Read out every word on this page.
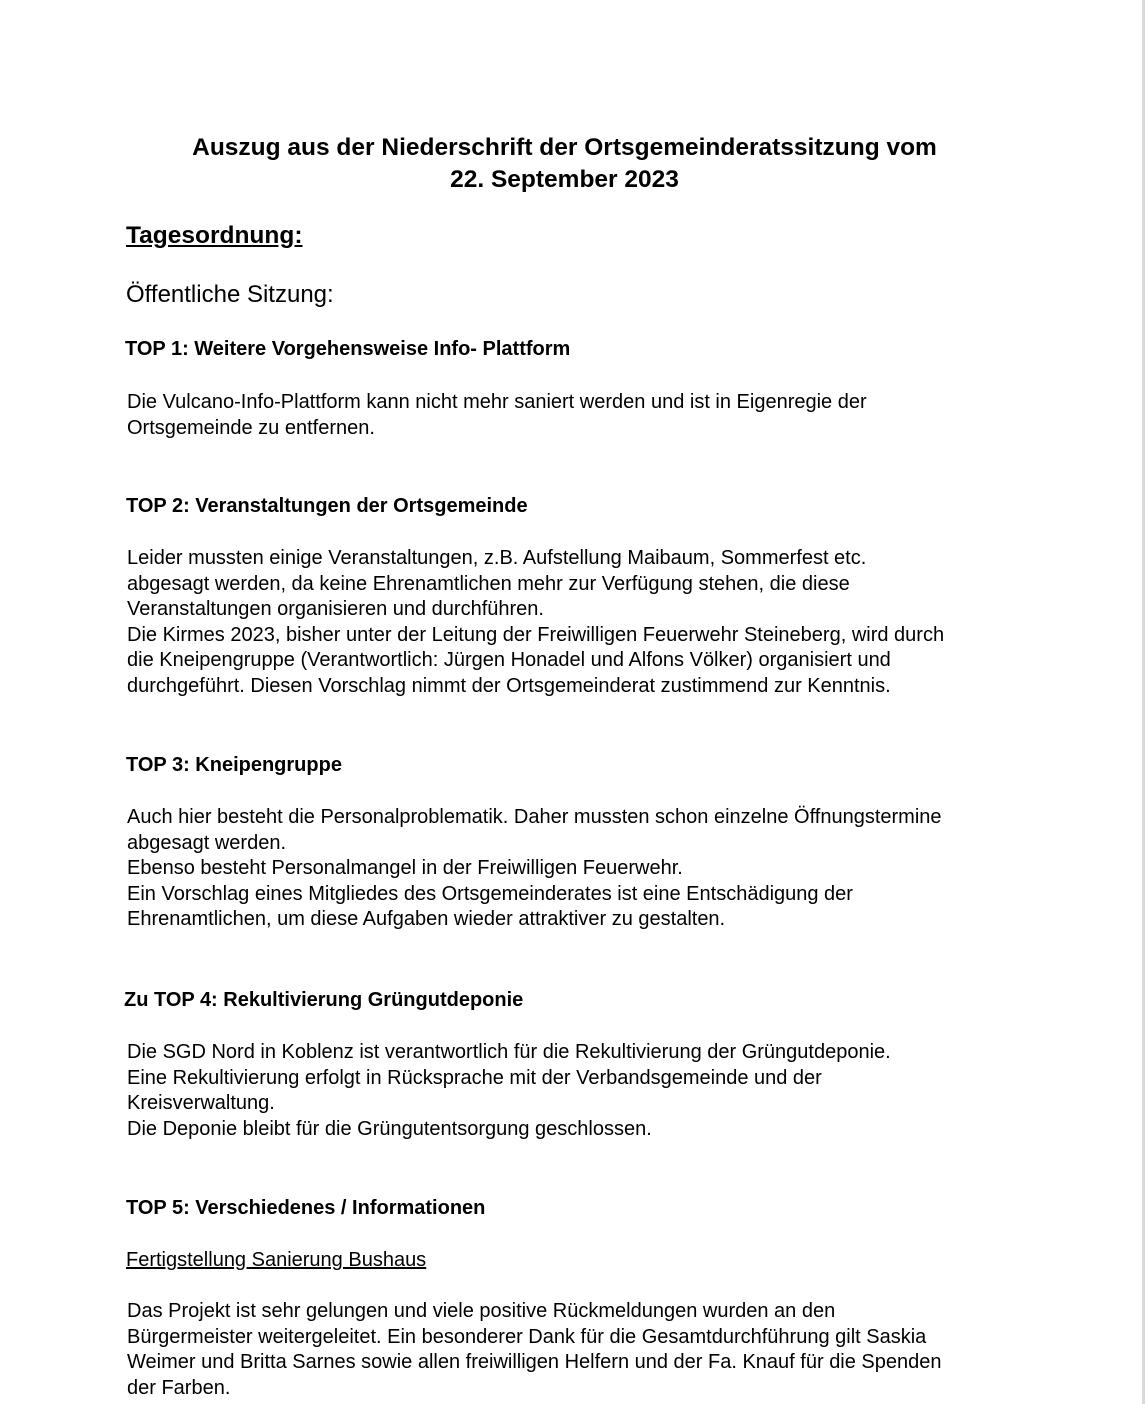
Auszug aus der Niederschrift der Ortsgemeinderatssitzung vom
22. September 2023
Tagesordnung:
Öffentliche Sitzung:
TOP 1: Weitere Vorgehensweise Info- Plattform
Die Vulcano-Info-Plattform kann nicht mehr saniert werden und ist in Eigenregie der
Ortsgemeinde zu entfernen.
TOP 2: Veranstaltungen der Ortsgemeinde
Leider mussten einige Veranstaltungen, z.B. Aufstellung Maibaum, Sommerfest etc.
abgesagt werden, da keine Ehrenamtlichen mehr zur Verfügung stehen, die diese
Veranstaltungen organisieren und durchführen.
Die Kirmes 2023, bisher unter der Leitung der Freiwilligen Feuerwehr Steineberg, wird durch
die Kneipengruppe (Verantwortlich: Jürgen Honadel und Alfons Völker) organisiert und
durchgeführt. Diesen Vorschlag nimmt der Ortsgemeinderat zustimmend zur Kenntnis.
TOP 3: Kneipengruppe
Auch hier besteht die Personalproblematik. Daher mussten schon einzelne Öffnungstermine
abgesagt werden.
Ebenso besteht Personalmangel in der Freiwilligen Feuerwehr.
Ein Vorschlag eines Mitgliedes des Ortsgemeinderates ist eine Entschädigung der
Ehrenamtlichen, um diese Aufgaben wieder attraktiver zu gestalten.
Zu TOP 4: Rekultivierung Grüngutdeponie
Die SGD Nord in Koblenz ist verantwortlich für die Rekultivierung der Grüngutdeponie.
Eine Rekultivierung erfolgt in Rücksprache mit der Verbandsgemeinde und der
Kreisverwaltung.
Die Deponie bleibt für die Grüngutentsorgung geschlossen.
TOP 5: Verschiedenes / Informationen
Fertigstellung Sanierung Bushaus
Das Projekt ist sehr gelungen und viele positive Rückmeldungen wurden an den
Bürgermeister weitergeleitet. Ein besonderer Dank für die Gesamtdurchführung gilt Saskia
Weimer und Britta Sarnes sowie allen freiwilligen Helfern und der Fa. Knauf für die Spenden
der Farben.
